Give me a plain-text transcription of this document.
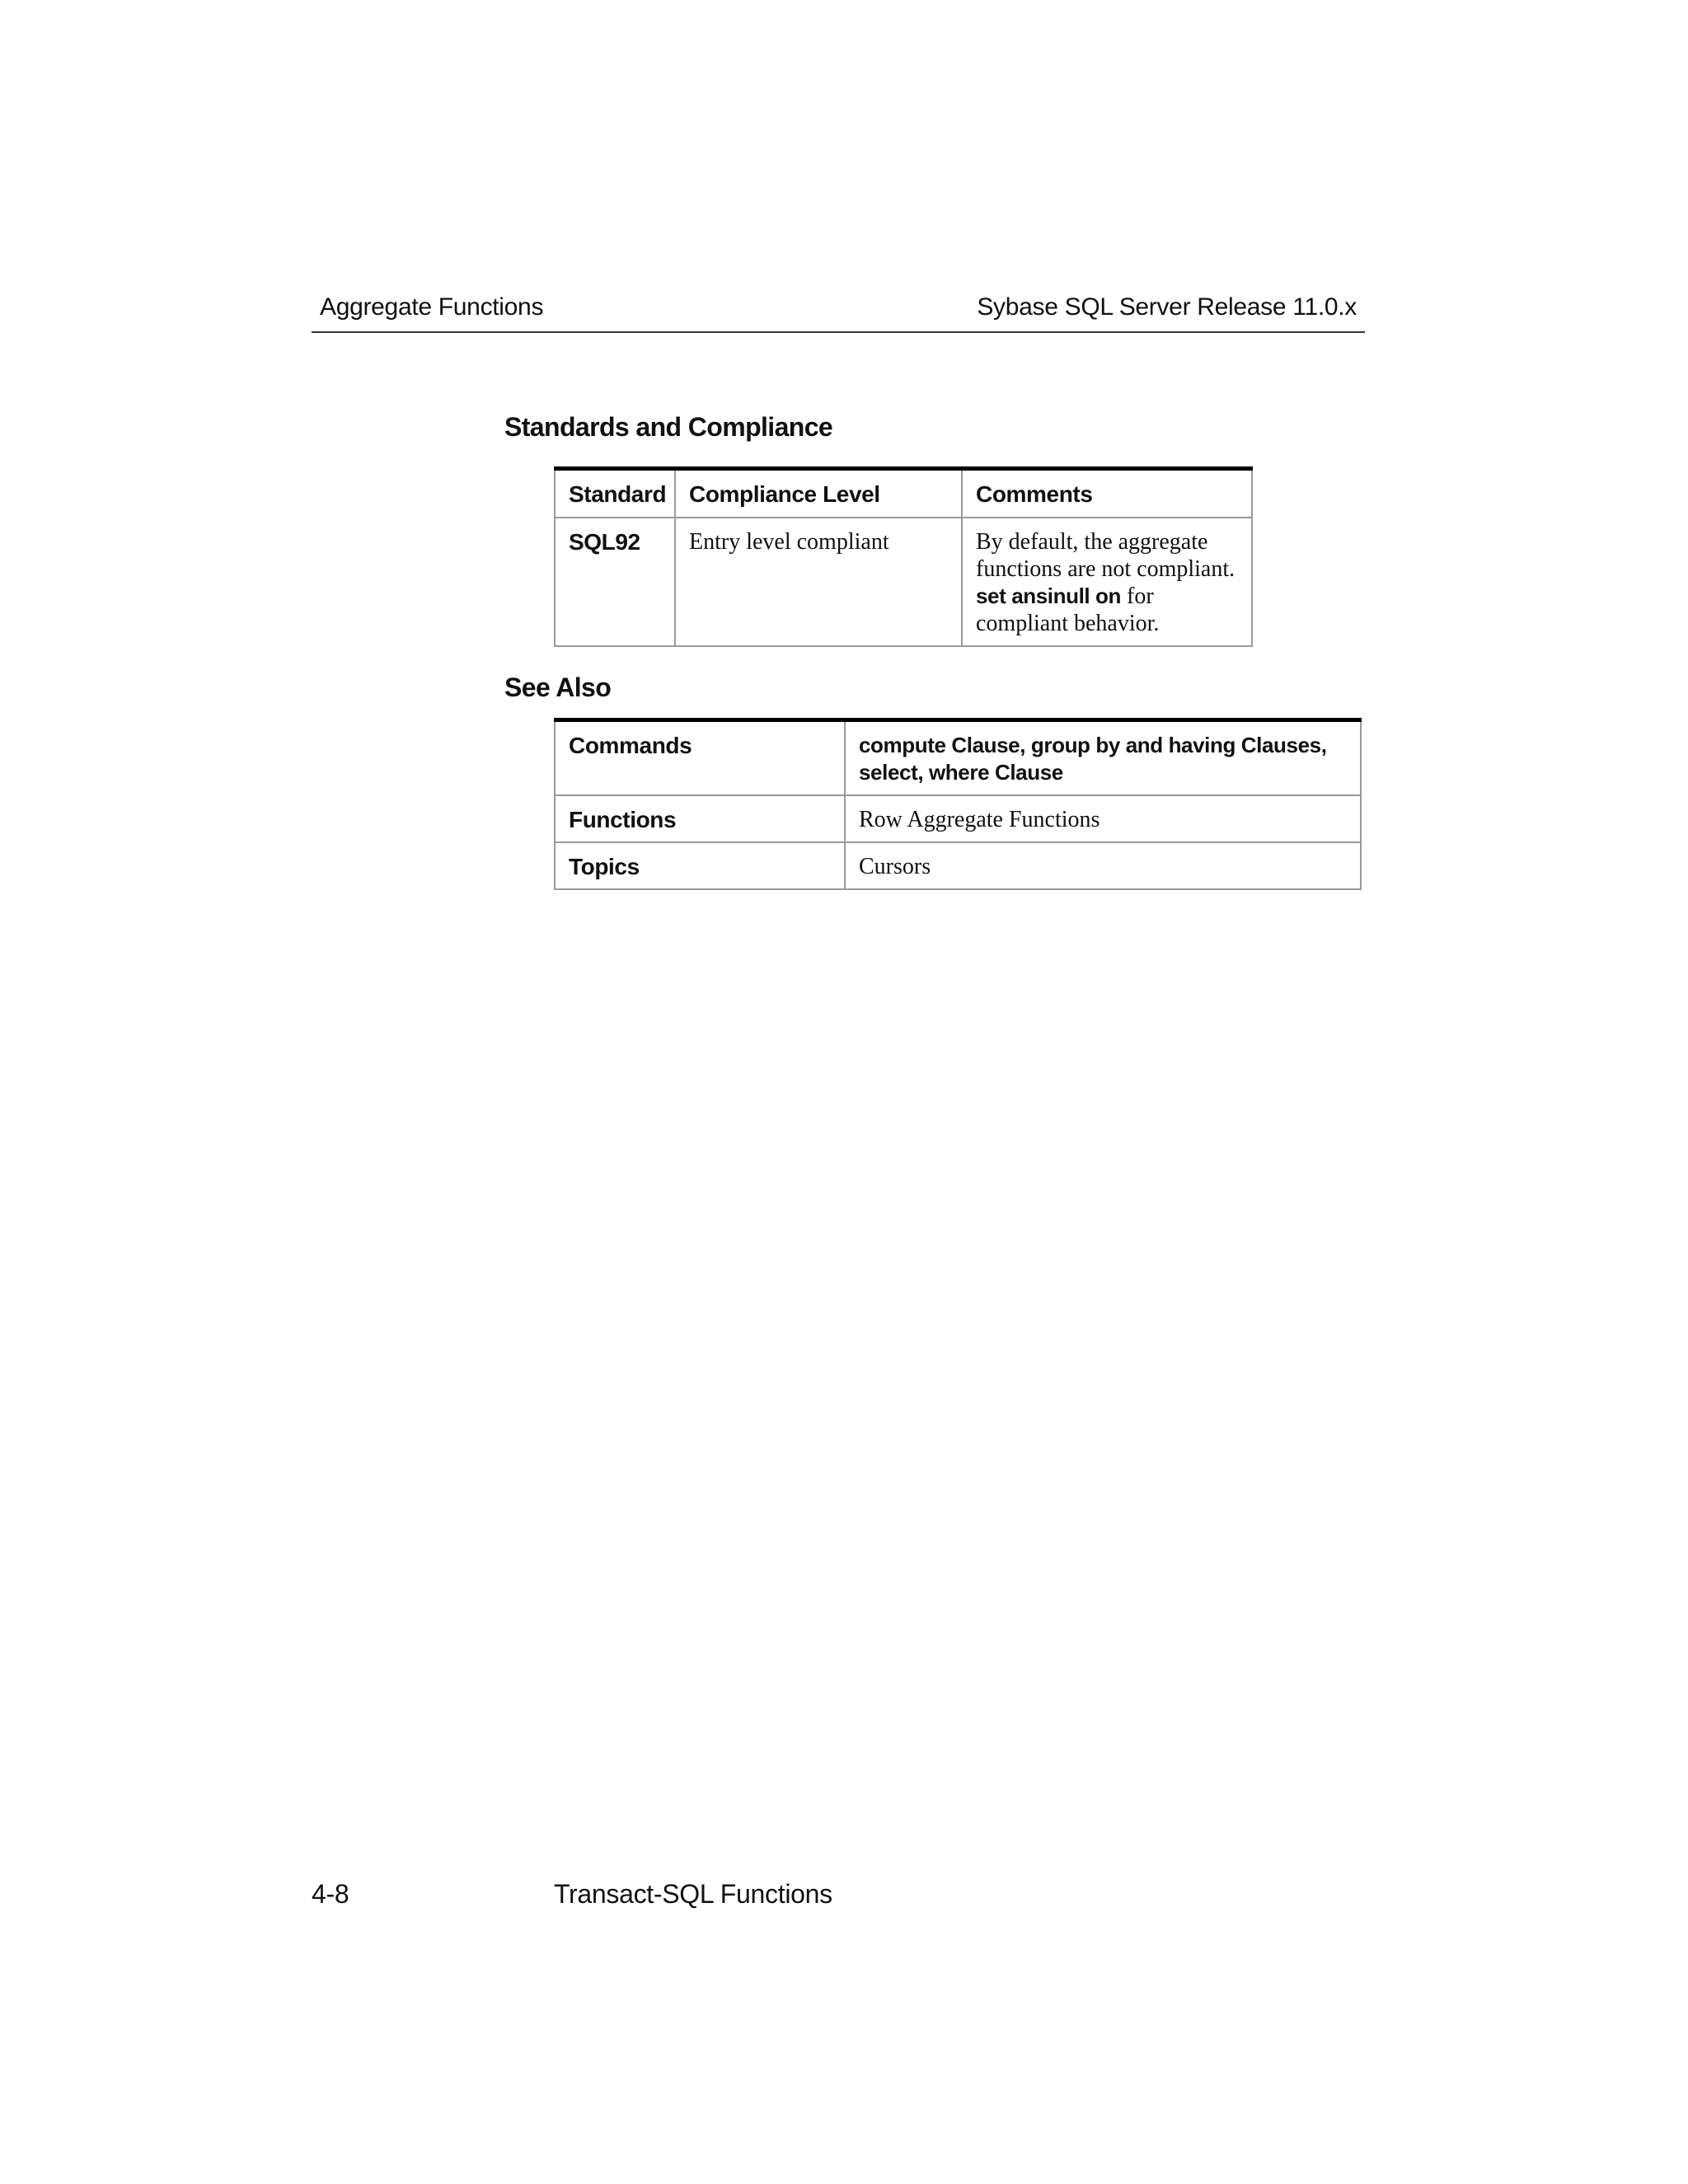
Aggregate Functions	Sybase SQL Server Release 11.0.x
Standards and Compliance
Standard	Compliance Level	Comments
SQL92	Entry level compliant	By default, the aggregate functions are not compliant. set ansinull on for compliant behavior.
See Also
Commands	compute Clause, group by and having Clauses,
select, where Clause
Functions	Row Aggregate Functions
Topics	Cursors
4-8	Transact-SQL Functions
